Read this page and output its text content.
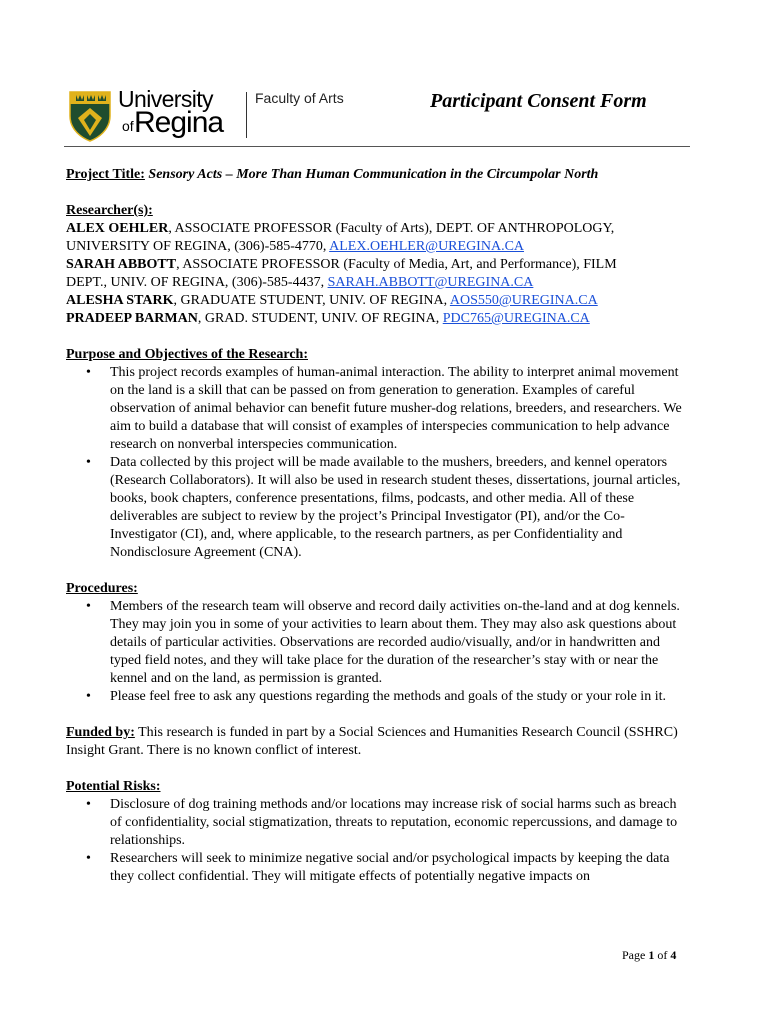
University
of Regina
Faculty of Arts	Participant Consent Form

Project Title: Sensory Acts – More Than Human Communication in the Circumpolar North

Researcher(s):

ALEX OEHLER, ASSOCIATE PROFESSOR (Faculty of Arts), DEPT. OF ANTHROPOLOGY,
UNIVERSITY OF REGINA, (306)-585-4770, ALEX.OEHLER@UREGINA.CA

SARAH ABBOTT, ASSOCIATE PROFESSOR (Faculty of Media, Art, and Performance), FILM
DEPT., UNIV. OF REGINA, (306)-585-4437, SARAH.ABBOTT@UREGINA.CA

ALESHA STARK, GRADUATE STUDENT, UNIV. OF REGINA, AOS550@UREGINA.CA

PRADEEP BARMAN, GRAD. STUDENT, UNIV. OF REGINA, PDC765@UREGINA.CA

Purpose and Objectives of the Research:

• This project records examples of human-animal interaction. The ability to interpret animal movement on the land is a skill that can be passed on from generation to generation. Examples of careful observation of animal behavior can benefit future musher-dog relations, breeders, and researchers. We aim to build a database that will consist of examples of interspecies communication to help advance research on nonverbal interspecies communication.
• Data collected by this project will be made available to the mushers, breeders, and kennel operators (Research Collaborators). It will also be used in research student theses, dissertations, journal articles, books, book chapters, conference presentations, films, podcasts, and other media. All of these deliverables are subject to review by the project’s Principal Investigator (PI), and/or the Co-Investigator (CI), and, where applicable, to the research partners, as per Confidentiality and Nondisclosure Agreement (CNA).

Procedures:

• Members of the research team will observe and record daily activities on-the-land and at dog kennels. They may join you in some of your activities to learn about them. They may also ask questions about details of particular activities. Observations are recorded audio/visually, and/or in handwritten and typed field notes, and they will take place for the duration of the researcher’s stay with or near the kennel and on the land, as permission is granted.
• Please feel free to ask any questions regarding the methods and goals of the study or your role in it.

Funded by: This research is funded in part by a Social Sciences and Humanities Research Council (SSHRC) Insight Grant. There is no known conflict of interest.

Potential Risks:

• Disclosure of dog training methods and/or locations may increase risk of social harms such as breach of confidentiality, social stigmatization, threats to reputation, economic repercussions, and damage to relationships.
• Researchers will seek to minimize negative social and/or psychological impacts by keeping the data they collect confidential. They will mitigate effects of potentially negative impacts on
Page 1 of 4
